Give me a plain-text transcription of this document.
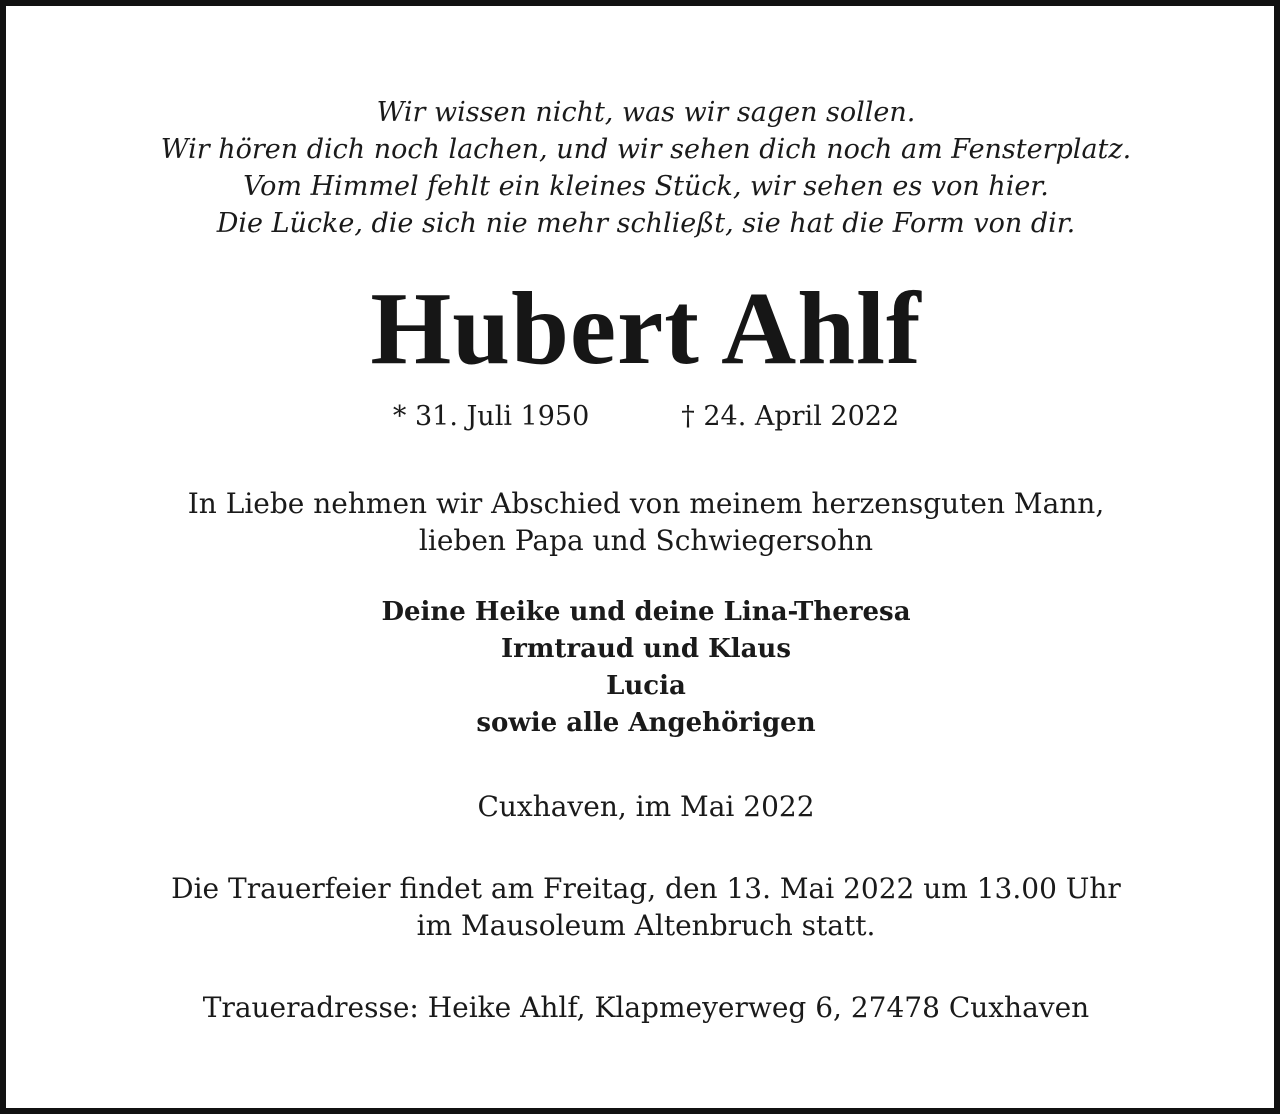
Wir wissen nicht, was wir sagen sollen.
Wir hören dich noch lachen, und wir sehen dich noch am Fensterplatz.
Vom Himmel fehlt ein kleines Stück, wir sehen es von hier.
Die Lücke, die sich nie mehr schließt, sie hat die Form von dir.
Hubert Ahlf
* 31. Juli 1950	† 24. April 2022
In Liebe nehmen wir Abschied von meinem herzensguten Mann,
lieben Papa und Schwiegersohn
Deine Heike und deine Lina-Theresa
Irmtraud und Klaus
Lucia
sowie alle Angehörigen
Cuxhaven, im Mai 2022
Die Trauerfeier findet am Freitag, den 13. Mai 2022 um 13.00 Uhr
im Mausoleum Altenbruch statt.
Traueradresse: Heike Ahlf, Klapmeyerweg 6, 27478 Cuxhaven
